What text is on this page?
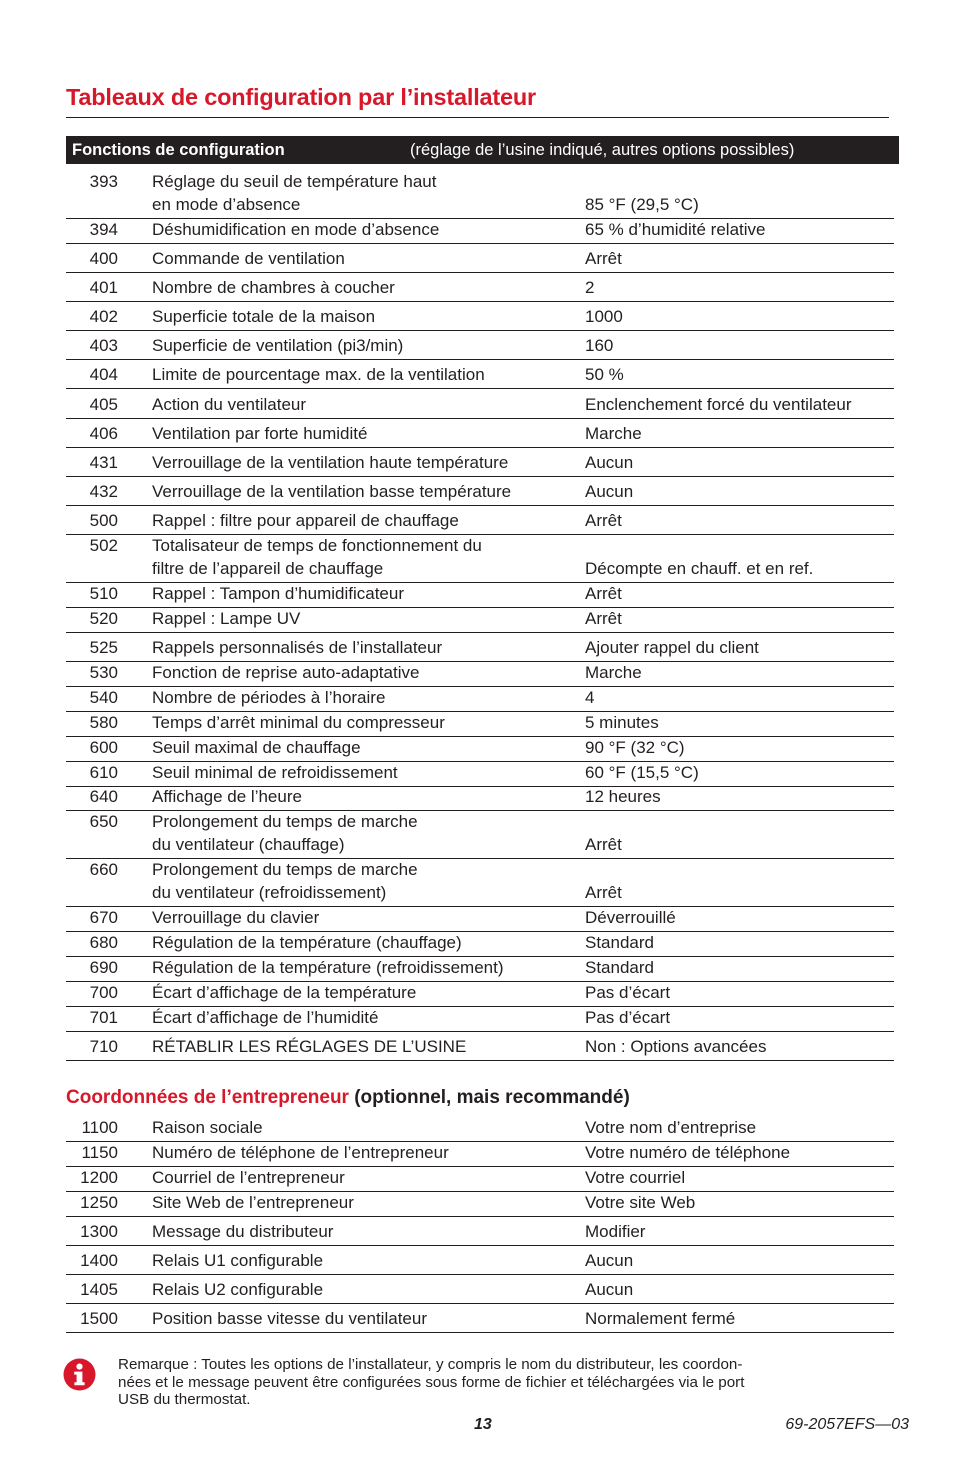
Tableaux de configuration par l’installateur
Fonctions de configuration	(réglage de l’usine indiqué, autres options possibles)
393 Réglage du seuil de température haut
en mode d’absence	85 °F (29,5 °C)
394 Déshumidification en mode d’absence	65 % d’humidité relative
400 Commande de ventilation	Arrêt
401 Nombre de chambres à coucher	2
402 Superficie totale de la maison	1000
403 Superficie de ventilation (pi3/min)	160
404 Limite de pourcentage max. de la ventilation	50 %
405 Action du ventilateur	Enclenchement forcé du ventilateur
406 Ventilation par forte humidité	Marche
431 Verrouillage de la ventilation haute température	Aucun
432 Verrouillage de la ventilation basse température	Aucun
500 Rappel : filtre pour appareil de chauffage	Arrêt
502 Totalisateur de temps de fonctionnement du
filtre de l’appareil de chauffage	Décompte en chauff. et en ref.
510 Rappel : Tampon d’humidificateur	Arrêt
520 Rappel : Lampe UV	Arrêt
525 Rappels personnalisés de l’installateur	Ajouter rappel du client
530 Fonction de reprise auto-adaptative	Marche
540 Nombre de périodes à l’horaire	4
580 Temps d’arrêt minimal du compresseur	5 minutes
600 Seuil maximal de chauffage	90 °F (32 °C)
610 Seuil minimal de refroidissement	60 °F (15,5 °C)
640 Affichage de l’heure	12 heures
650 Prolongement du temps de marche
du ventilateur (chauffage)	Arrêt
660 Prolongement du temps de marche
du ventilateur (refroidissement)	Arrêt
670 Verrouillage du clavier	Déverrouillé
680 Régulation de la température (chauffage)	Standard
690 Régulation de la température (refroidissement)	Standard
700 Écart d’affichage de la température	Pas d’écart
701 Écart d’affichage de l’humidité	Pas d’écart
710 RÉTABLIR LES RÉGLAGES DE L’USINE	Non : Options avancées
Coordonnées de l’entrepreneur (optionnel, mais recommandé)
1100 Raison sociale	Votre nom d’entreprise
1150 Numéro de téléphone de l’entrepreneur	Votre numéro de téléphone
1200 Courriel de l’entrepreneur	Votre courriel
1250 Site Web de l’entrepreneur	Votre site Web
1300 Message du distributeur	Modifier
1400 Relais U1 configurable	Aucun
1405 Relais U2 configurable	Aucun
1500 Position basse vitesse du ventilateur	Normalement fermé
Remarque : Toutes les options de l’installateur, y compris le nom du distributeur, les coordon-
nées et le message peuvent être configurées sous forme de fichier et téléchargées via le port
USB du thermostat.
13	69-2057EFS—03
